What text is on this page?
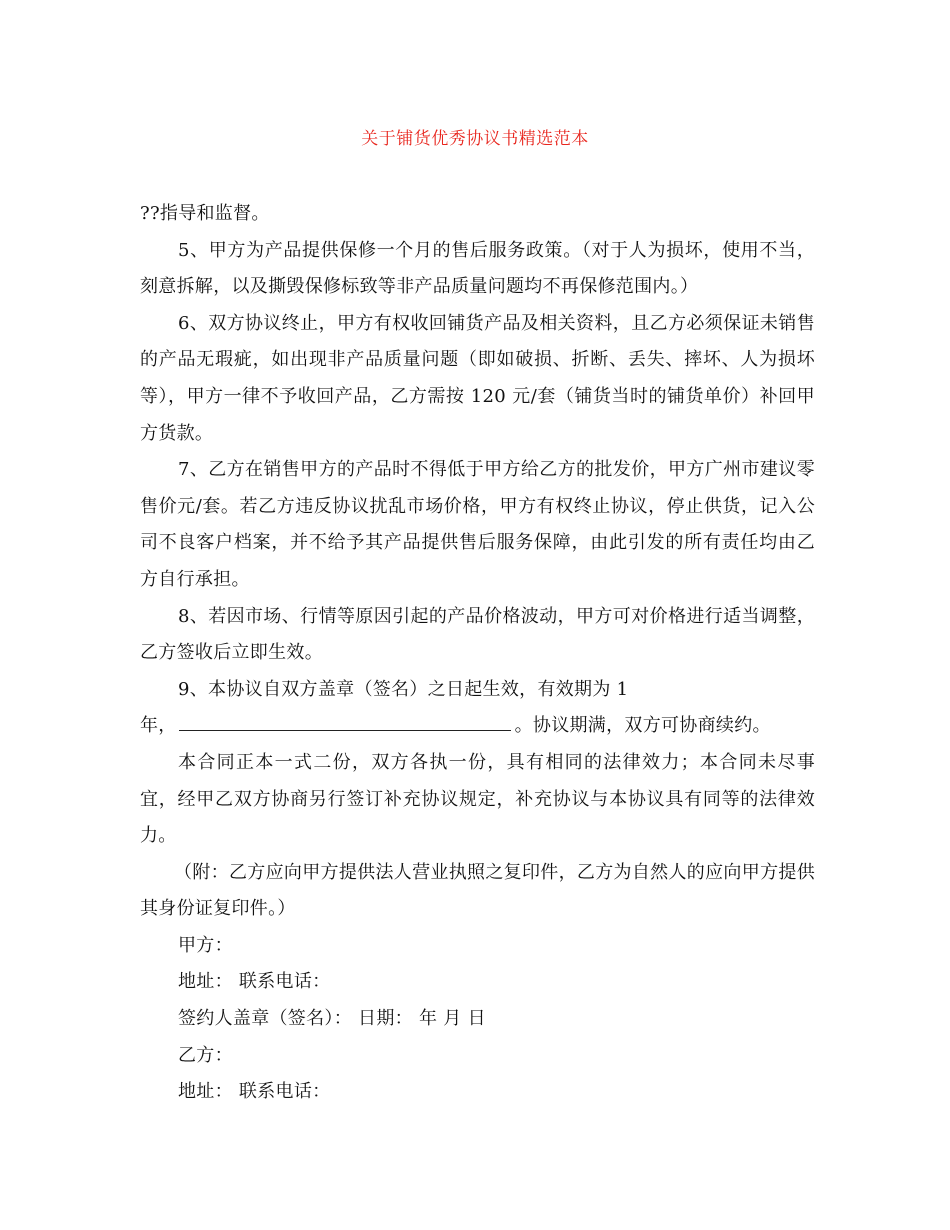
关于铺货优秀协议书精选范本

??指导和监督。

5、甲方为产品提供保修一个月的售后服务政策。（对于人为损坏，使用不当，刻意拆解，以及撕毁保修标致等非产品质量问题均不再保修范围内。）

6、双方协议终止，甲方有权收回铺货产品及相关资料，且乙方必须保证未销售的产品无瑕疵，如出现非产品质量问题（即如破损、折断、丢失、摔坏、人为损坏等），甲方一律不予收回产品，乙方需按 120 元/套（铺货当时的铺货单价）补回甲方货款。

7、乙方在销售甲方的产品时不得低于甲方给乙方的批发价，甲方广州市建议零售价元/套。若乙方违反协议扰乱市场价格，甲方有权终止协议，停止供货，记入公司不良客户档案，并不给予其产品提供售后服务保障，由此引发的所有责任均由乙方自行承担。

8、若因市场、行情等原因引起的产品价格波动，甲方可对价格进行适当调整，乙方签收后立即生效。

9、本协议自双方盖章（签名）之日起生效，有效期为 1

年，	。协议期满，双方可协商续约。

本合同正本一式二份，双方各执一份，具有相同的法律效力；本合同未尽事宜，经甲乙双方协商另行签订补充协议规定，补充协议与本协议具有同等的法律效力。

（附：乙方应向甲方提供法人营业执照之复印件，乙方为自然人的应向甲方提供其身份证复印件。）

甲方：

地址： 联系电话：

签约人盖章（签名）： 日期： 年 月 日

乙方：

地址： 联系电话：
